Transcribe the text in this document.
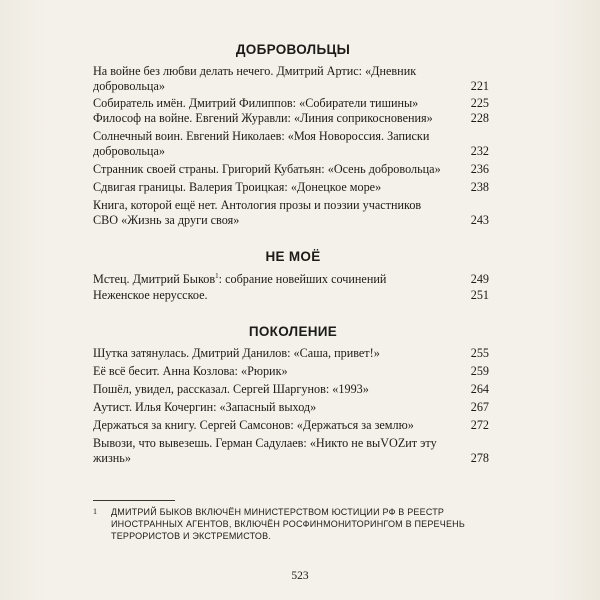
ДОБРОВОЛЬЦЫ
На войне без любви делать нечего. Дмитрий Артис: «Дневник добровольца»	221
Собиратель имён. Дмитрий Филиппов: «Собиратели тишины»	225
Философ на войне. Евгений Журавли: «Линия соприкосновения»	228
Солнечный воин. Евгений Николаев: «Моя Новороссия. Записки добровольца»	232
Странник своей страны. Григорий Кубатьян: «Осень добровольца»	236
Сдвигая границы. Валерия Троицкая: «Донецкое море»	238
Книга, которой ещё нет. Антология прозы и поэзии участников СВО «Жизнь за други своя»	243
НЕ МОЁ
Мстец. Дмитрий Быков$^1$: собрание новейших сочинений	249
Неженское нерусское.	251
ПОКОЛЕНИЕ
Шутка затянулась. Дмитрий Данилов: «Саша, привет!»	255
Её всё бесит. Анна Козлова: «Рюрик»	259
Пошёл, увидел, рассказал. Сергей Шаргунов: «1993»	264
Аутист. Илья Кочергин: «Запасный выход»	267
Держаться за книгу. Сергей Самсонов: «Держаться за землю»	272
Вывози, что вывезешь. Герман Садулаев: «Никто не выVOZит эту жизнь»	278
1 ДМИТРИЙ БЫКОВ ВКЛЮЧЁН МИНИСТЕРСТВОМ ЮСТИЦИИ РФ В РЕЕСТР ИНОСТРАННЫХ АГЕНТОВ, ВКЛЮЧЁН РОСФИНМОНИТОРИНГОМ В ПЕРЕЧЕНЬ ТЕРРОРИСТОВ И ЭКСТРЕМИСТОВ.
523
